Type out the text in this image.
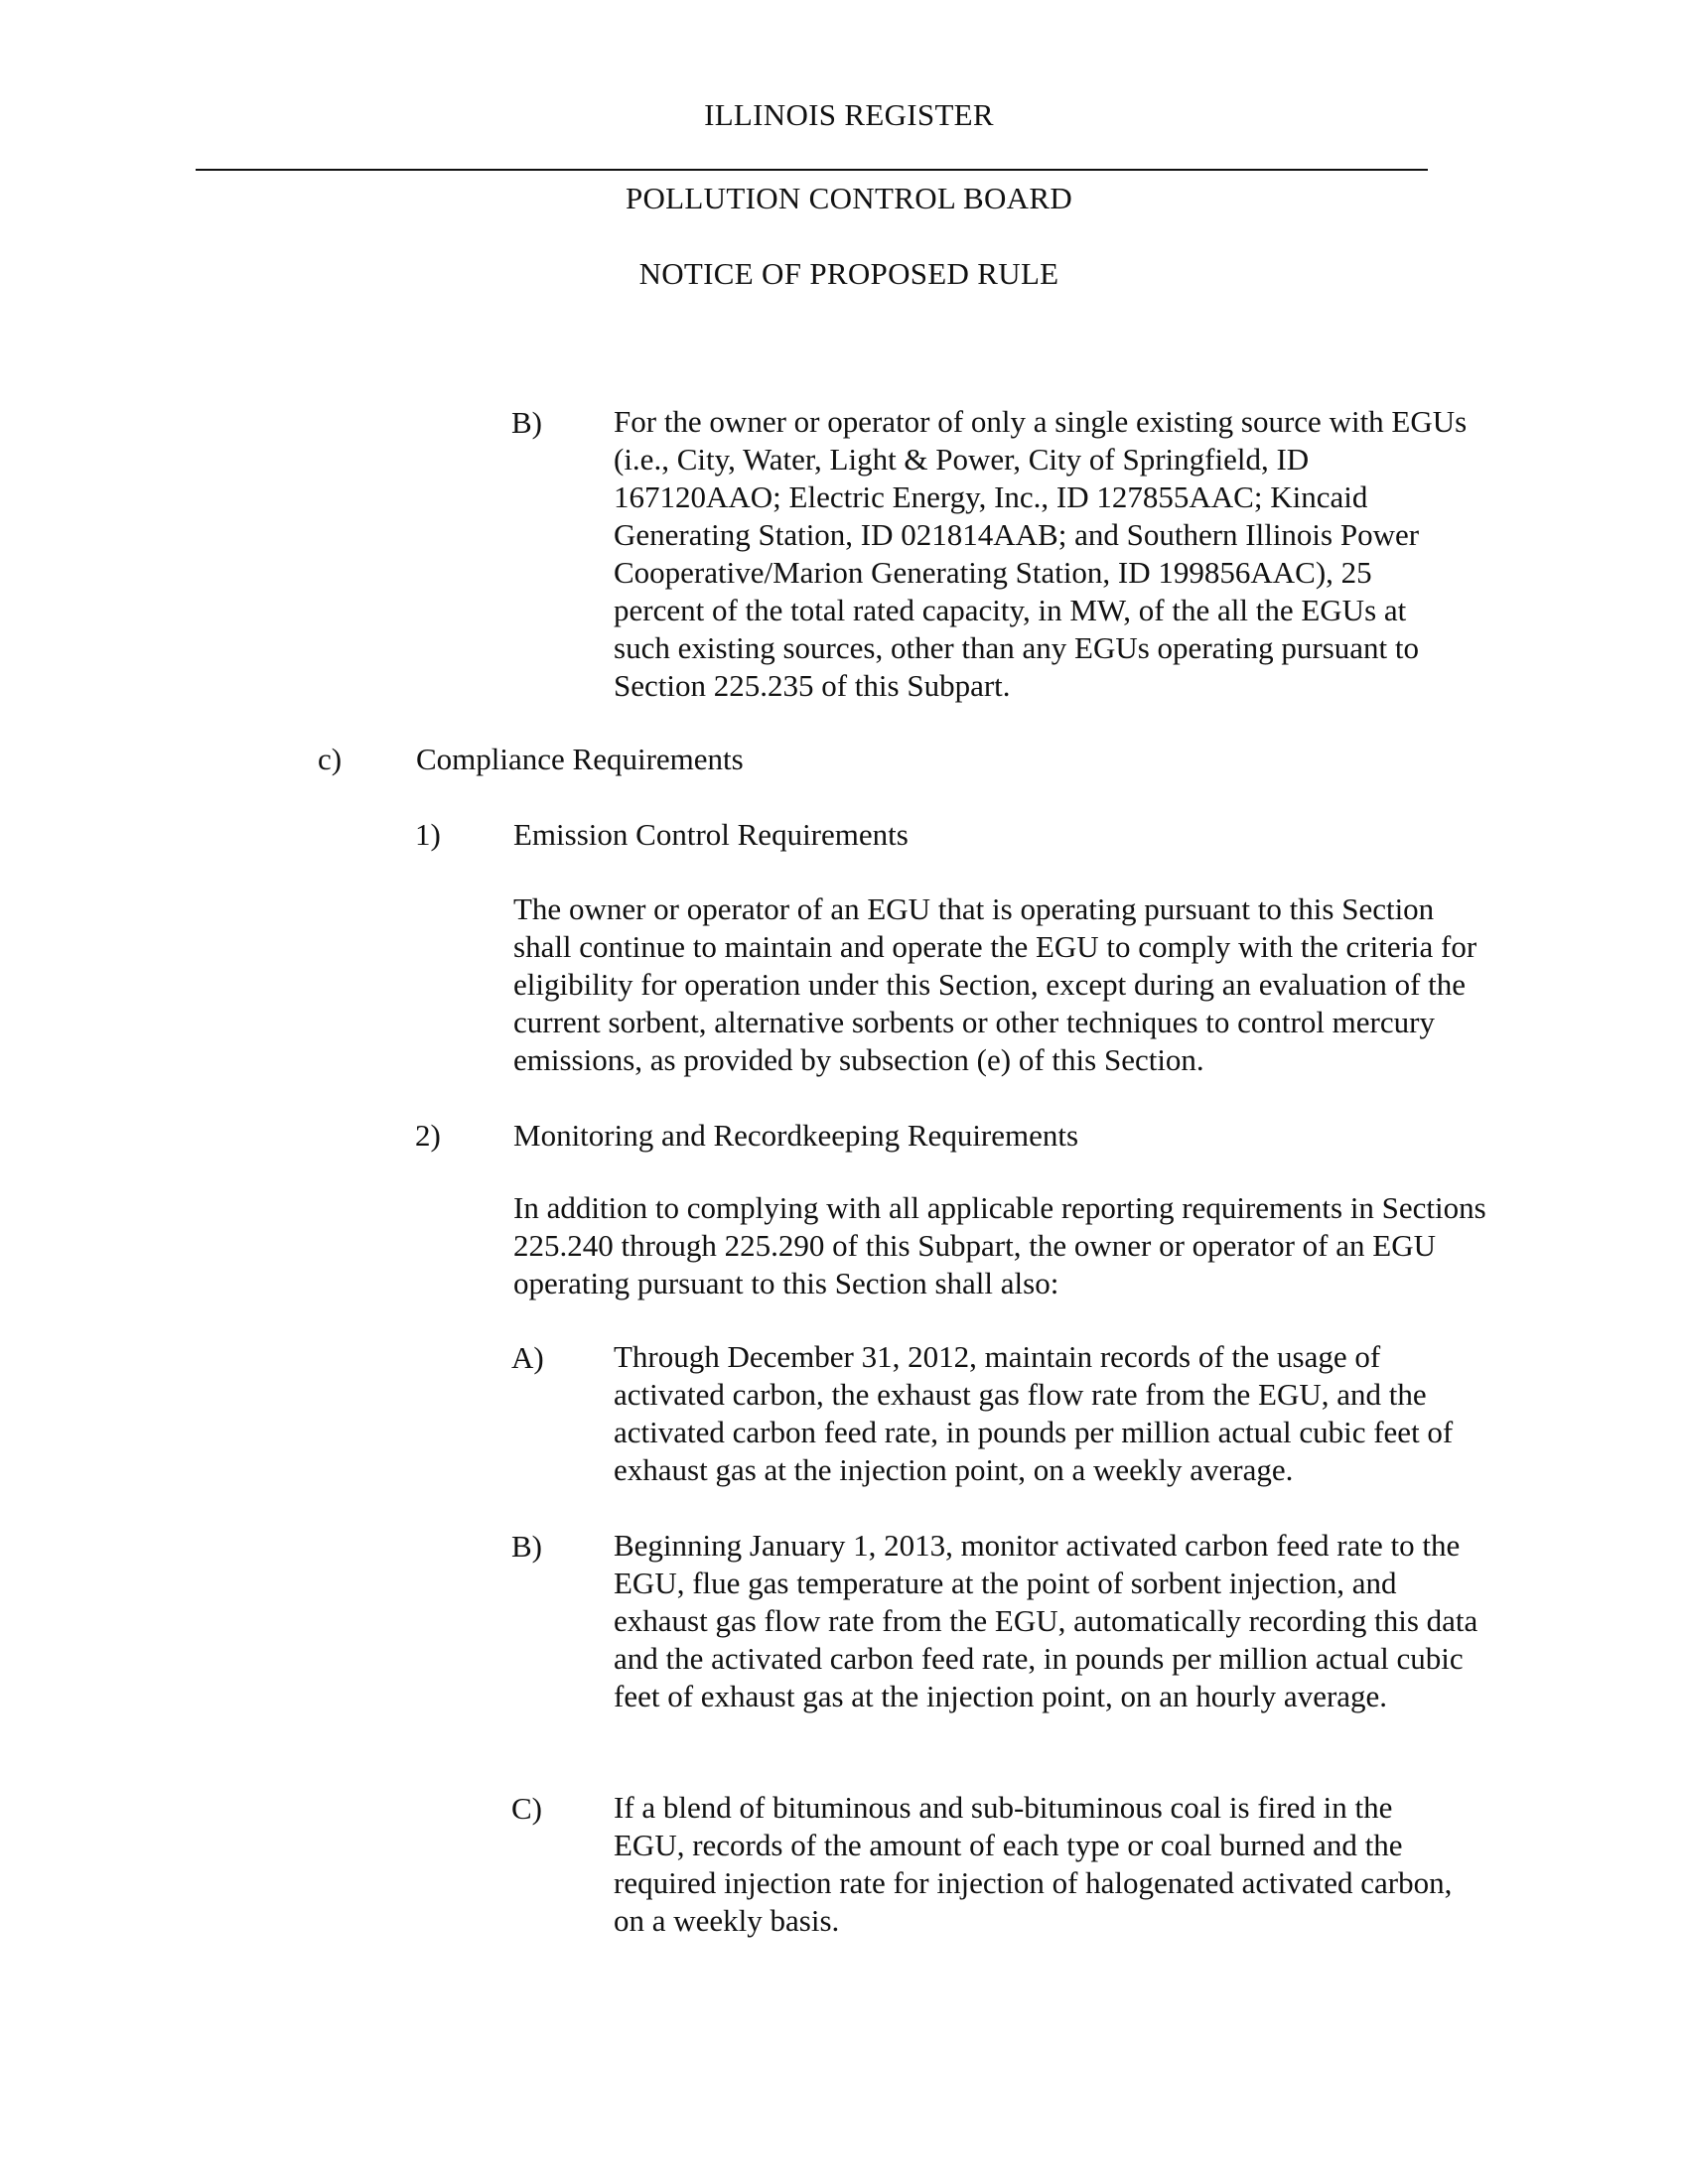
ILLINOIS REGISTER
POLLUTION CONTROL BOARD
NOTICE OF PROPOSED RULE
B) For the owner or operator of only a single existing source with EGUs (i.e., City, Water, Light & Power, City of Springfield, ID 167120AAO; Electric Energy, Inc., ID 127855AAC; Kincaid Generating Station, ID 021814AAB; and Southern Illinois Power Cooperative/Marion Generating Station, ID 199856AAC), 25 percent of the total rated capacity, in MW, of the all the EGUs at such existing sources, other than any EGUs operating pursuant to Section 225.235 of this Subpart.

c) Compliance Requirements
1) Emission Control Requirements

The owner or operator of an EGU that is operating pursuant to this Section shall continue to maintain and operate the EGU to comply with the criteria for eligibility for operation under this Section, except during an evaluation of the current sorbent, alternative sorbents or other techniques to control mercury emissions, as provided by subsection (e) of this Section.

2) Monitoring and Recordkeeping Requirements

In addition to complying with all applicable reporting requirements in Sections 225.240 through 225.290 of this Subpart, the owner or operator of an EGU operating pursuant to this Section shall also:

A) Through December 31, 2012, maintain records of the usage of activated carbon, the exhaust gas flow rate from the EGU, and the activated carbon feed rate, in pounds per million actual cubic feet of exhaust gas at the injection point, on a weekly average.

B) Beginning January 1, 2013, monitor activated carbon feed rate to the EGU, flue gas temperature at the point of sorbent injection, and exhaust gas flow rate from the EGU, automatically recording this data and the activated carbon feed rate, in pounds per million actual cubic feet of exhaust gas at the injection point, on an hourly average.

C) If a blend of bituminous and sub-bituminous coal is fired in the EGU, records of the amount of each type or coal burned and the required injection rate for injection of halogenated activated carbon, on a weekly basis.
